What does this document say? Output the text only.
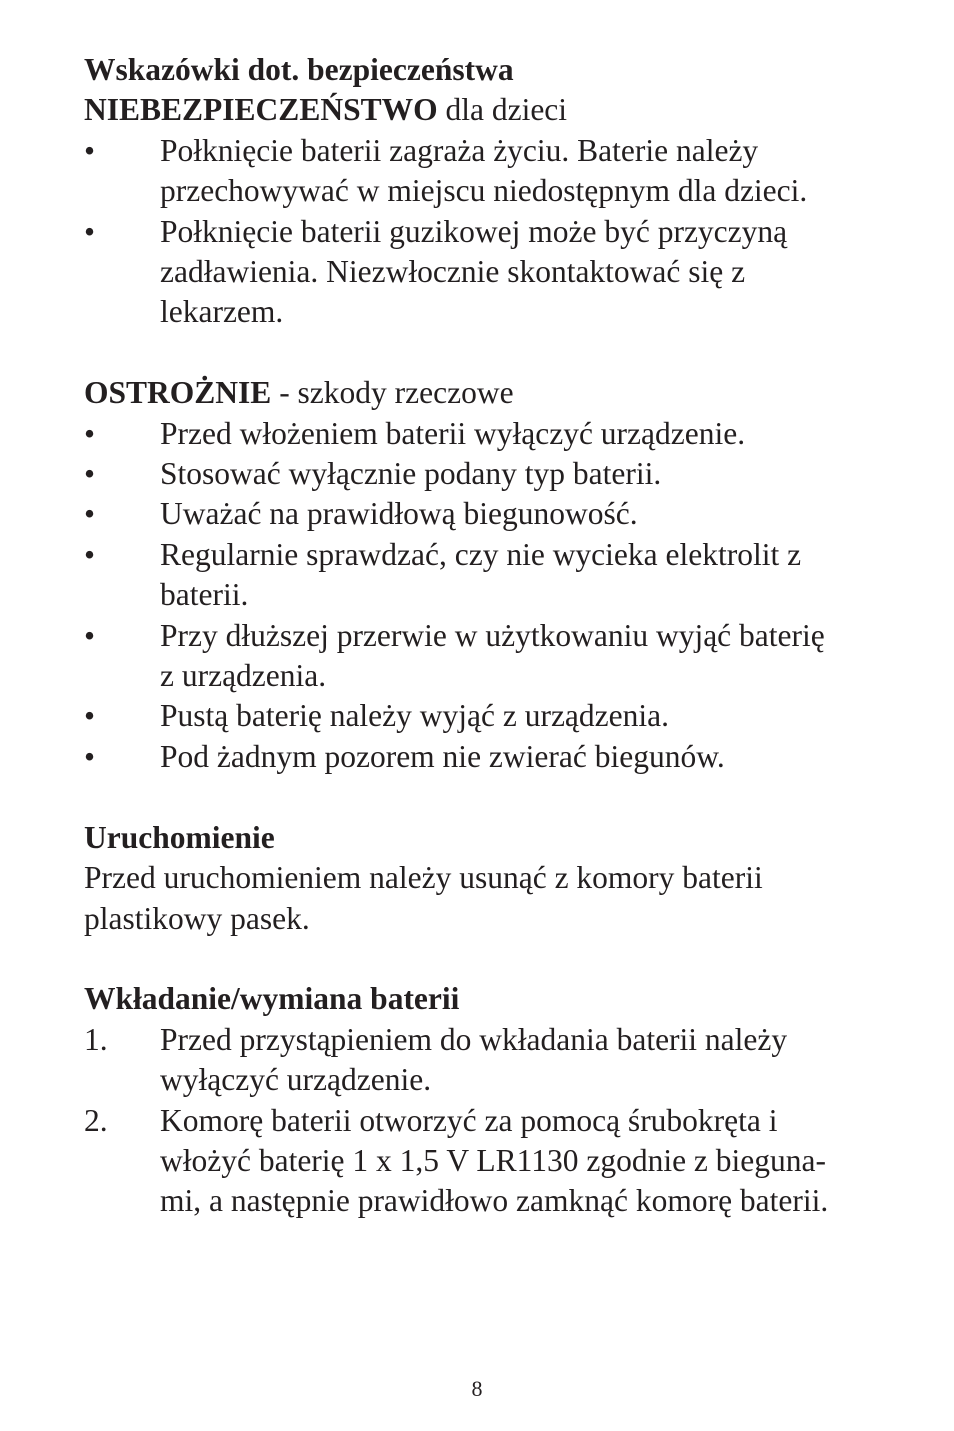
Wskazówki dot. bezpieczeństwa

NIEBEZPIECZEŃSTWO dla dzieci

• Połknięcie baterii zagraża życiu. Baterie należy

przechowywać w miejscu niedostępnym dla dzieci.

• Połknięcie baterii guzikowej może być przyczyną

zadławienia. Niezwłocznie skontaktować się z

lekarzem.

OSTROŻNIE - szkody rzeczowe

• Przed włożeniem baterii wyłączyć urządzenie.

• Stosować wyłącznie podany typ baterii.

• Uważać na prawidłową biegunowość.

• Regularnie sprawdzać, czy nie wycieka elektrolit z

baterii.

• Przy dłuższej przerwie w użytkowaniu wyjąć baterię

z urządzenia.

• Pustą baterię należy wyjąć z urządzenia.

• Pod żadnym pozorem nie zwierać biegunów.

Uruchomienie

Przed uruchomieniem należy usunąć z komory baterii

plastikowy pasek.

Wkładanie/wymiana baterii

1. Przed przystąpieniem do wkładania baterii należy

wyłączyć urządzenie.

2. Komorę baterii otworzyć za pomocą śrubokręta i

włożyć baterię 1 x 1,5 V LR1130 zgodnie z bieguna-

mi, a następnie prawidłowo zamknąć komorę baterii.

8
